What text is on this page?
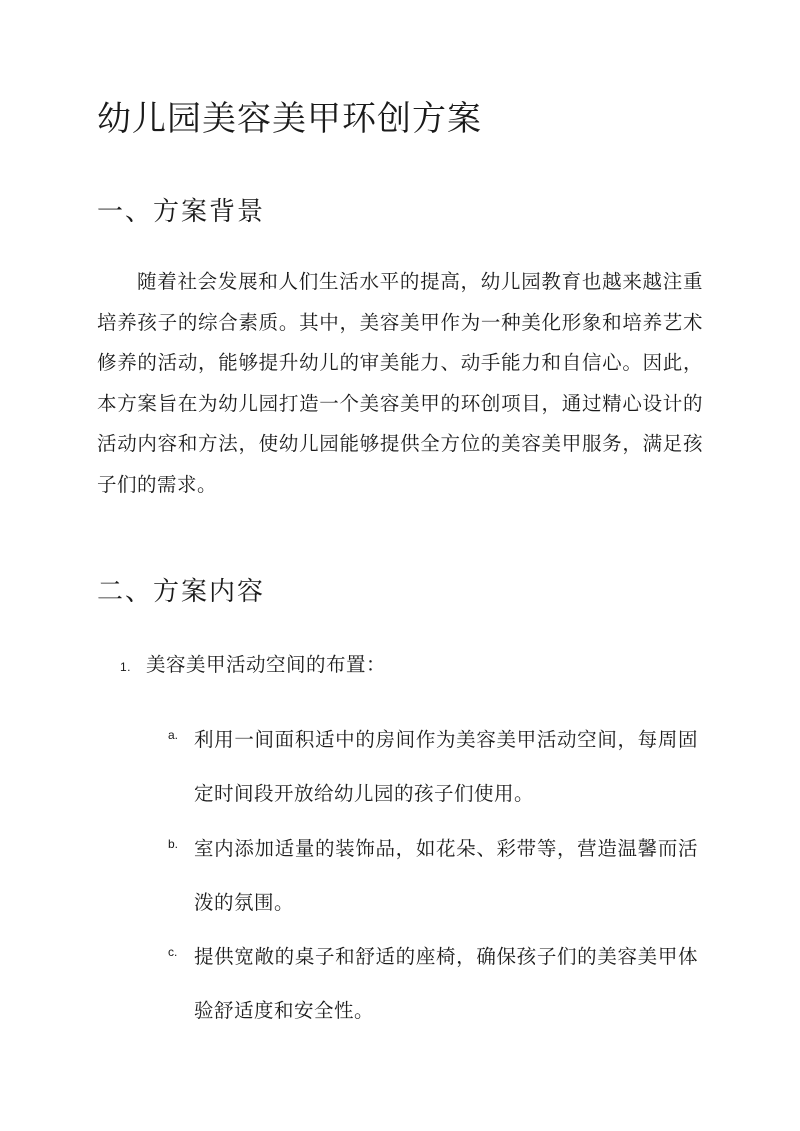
幼儿园美容美甲环创方案
一、方案背景

随着社会发展和人们生活水平的提高，幼儿园教育也越来越注重培养孩子的综合素质。其中，美容美甲作为一种美化形象和培养艺术修养的活动，能够提升幼儿的审美能力、动手能力和自信心。因此，本方案旨在为幼儿园打造一个美容美甲的环创项目，通过精心设计的活动内容和方法，使幼儿园能够提供全方位的美容美甲服务，满足孩子们的需求。

二、方案内容
1. 美容美甲活动空间的布置：
a. 利用一间面积适中的房间作为美容美甲活动空间，每周固定时间段开放给幼儿园的孩子们使用。

b. 室内添加适量的装饰品，如花朵、彩带等，营造温馨而活泼的氛围。

c. 提供宽敞的桌子和舒适的座椅，确保孩子们的美容美甲体验舒适度和安全性。
